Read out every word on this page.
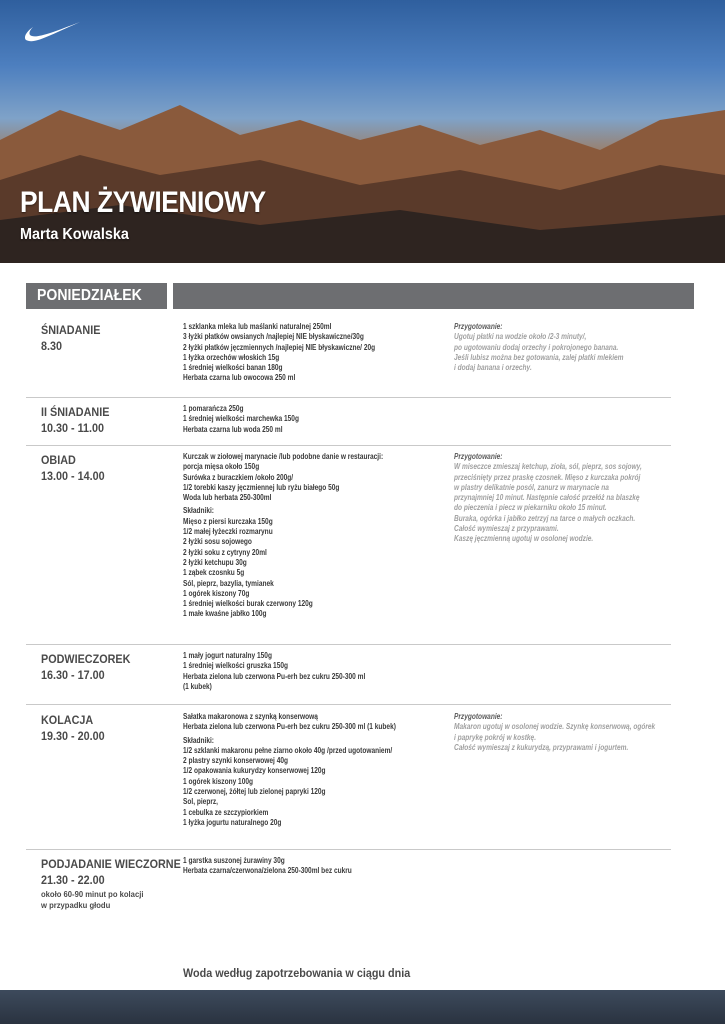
PLAN ŻYWIENIOWY
Marta Kowalska
PONIEDZIAŁEK
ŚNIADANIE
8.30
1 szklanka mleka lub maślanki naturalnej 250ml
3 łyżki płatków owsianych /najlepiej NIE błyskawiczne/30g
2 łyżki płatków jęczmiennych /najlepiej NIE błyskawiczne/ 20g
1 łyżka orzechów włoskich 15g
1 średniej wielkości banan 180g
Herbata czarna lub owocowa 250 ml
Przygotowanie:
Ugotuj płatki na wodzie około /2-3 minuty/,
po ugotowaniu dodaj orzechy i pokrojonego banana.
Jeśli lubisz można bez gotowania, zalej płatki mlekiem
i dodaj banana i orzechy.
II ŚNIADANIE
10.30 - 11.00
1 pomarańcza 250g
1 średniej wielkości marchewka 150g
Herbata czarna lub woda 250 ml
OBIAD
13.00 - 14.00
Kurczak w ziołowej marynacie /lub podobne danie w restauracji:
porcja mięsa około 150g
Surówka z buraczkiem /około 200g/
1/2 torebki kaszy jęczmiennej lub ryżu białego 50g
Woda lub herbata 250-300ml
Składniki:
Mięso z piersi kurczaka 150g
1/2 małej łyżeczki rozmarynu
2 łyżki sosu sojowego
2 łyżki soku z cytryny 20ml
2 łyżki ketchupu 30g
1 ząbek czosnku 5g
Sól, pieprz, bazylia, tymianek
1 ogórek kiszony 70g
1 średniej wielkości burak czerwony 120g
1 małe kwaśne jabłko 100g
Przygotowanie:
W miseczce zmieszaj ketchup, zioła, sól, pieprz, sos sojowy,
przeciśnięty przez praskę czosnek. Mięso z kurczaka pokrój
w plastry delikatnie posól, zanurz w marynacie na
przynajmniej 10 minut. Następnie całość przełóż na blaszkę
do pieczenia i piecz w piekarniku około 15 minut.
Buraka, ogórka i jabłko zetrzyj na tarce o małych oczkach.
Całość wymieszaj z przyprawami.
Kaszę jęczmienną ugotuj w osolonej wodzie.
PODWIECZOREK
16.30 - 17.00
1 mały jogurt naturalny 150g
1 średniej wielkości gruszka 150g
Herbata zielona lub czerwona Pu-erh bez cukru 250-300 ml
(1 kubek)
KOLACJA
19.30 - 20.00
Sałatka makaronowa z szynką konserwową
Herbata zielona lub czerwona Pu-erh bez cukru 250-300 ml (1 kubek)
Składniki:
1/2 szklanki makaronu pełne ziarno około 40g /przed ugotowaniem/
2 plastry szynki konserwowej 40g
1/2 opakowania kukurydzy konserwowej 120g
1 ogórek kiszony 100g
1/2 czerwonej, żółtej lub zielonej papryki 120g
Sol, pieprz,
1 cebulka ze szczypiorkiem
1 łyżka jogurtu naturalnego 20g
Przygotowanie:
Makaron ugotuj w osolonej wodzie. Szynkę konserwową, ogórek
i paprykę pokrój w kostkę.
Całość wymieszaj z kukurydzą, przyprawami i jogurtem.
PODJADANIE WIECZORNE
21.30 - 22.00
około 60-90 minut po kolacji
w przypadku głodu
1 garstka suszonej żurawiny 30g
Herbata czarna/czerwona/zielona 250-300ml bez cukru
Woda według zapotrzebowania w ciągu dnia
